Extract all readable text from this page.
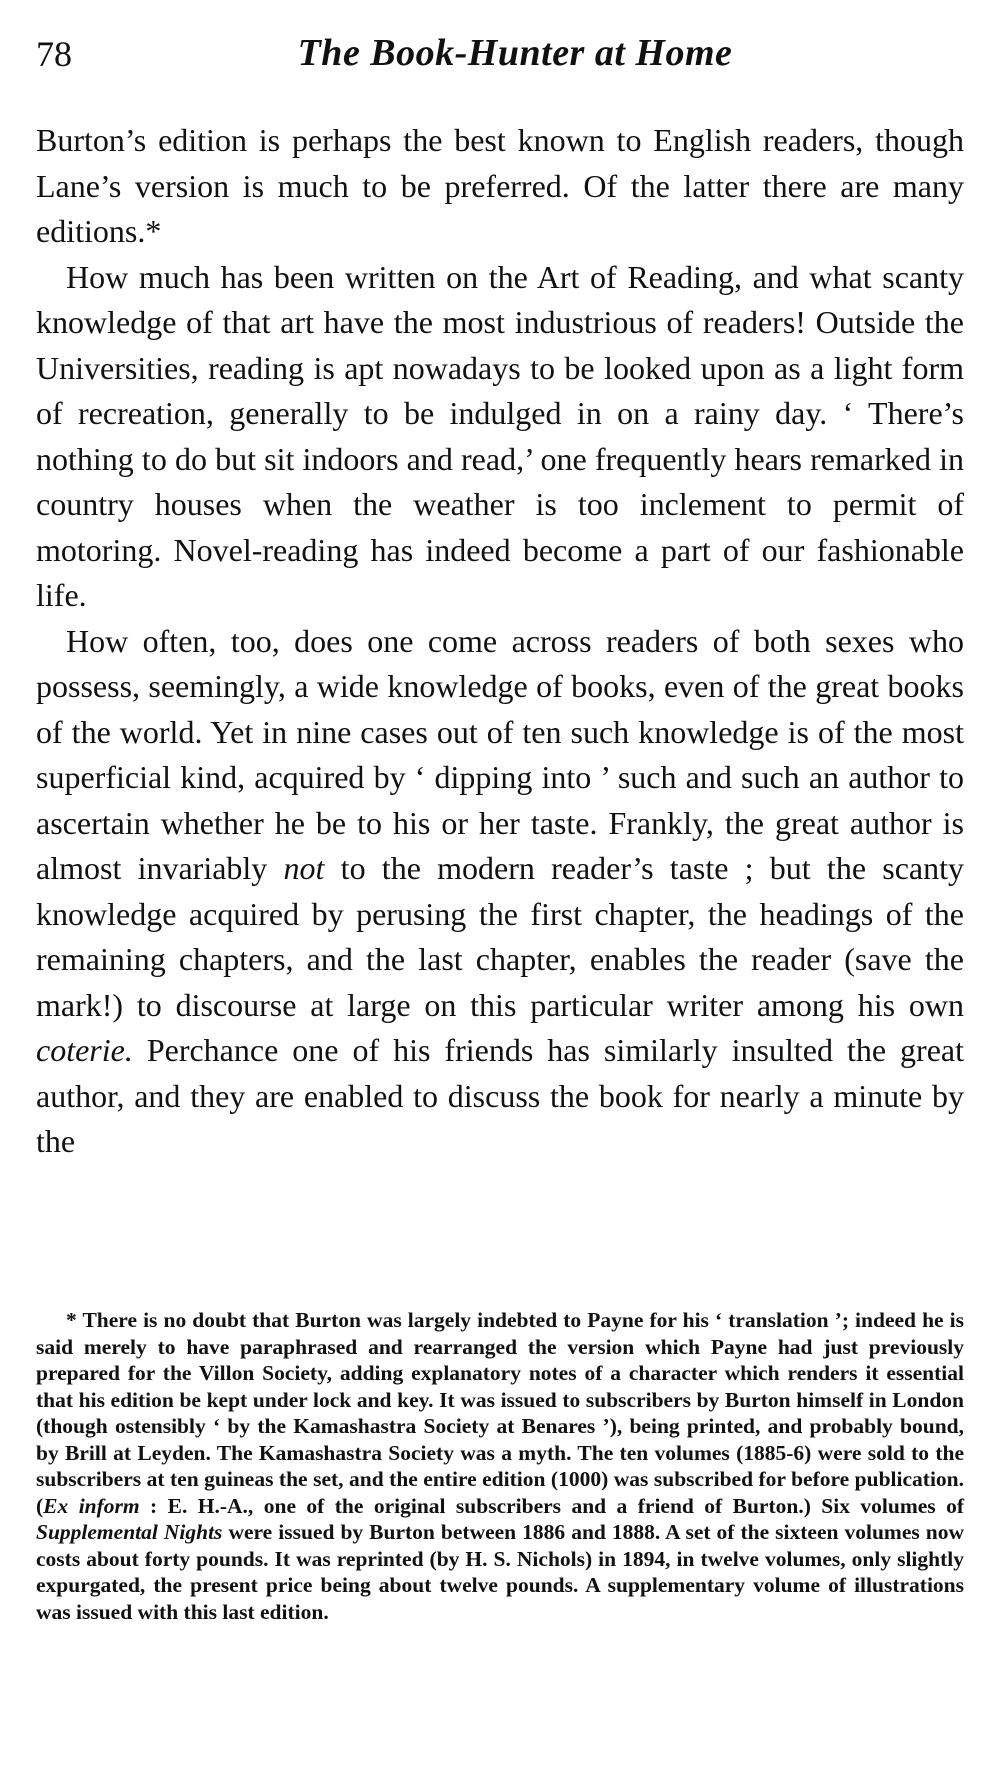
78	The Book-Hunter at Home

Burton’s edition is perhaps the best known to English readers, though Lane’s version is much to be preferred. Of the latter there are many editions.*

How much has been written on the Art of Reading, and what scanty knowledge of that art have the most industrious of readers! Outside the Universities, reading is apt nowadays to be looked upon as a light form of recreation, generally to be indulged in on a rainy day. ‘ There’s nothing to do but sit indoors and read,’ one frequently hears remarked in country houses when the weather is too inclement to permit of motoring. Novel-reading has indeed become a part of our fashionable life.

How often, too, does one come across readers of both sexes who possess, seemingly, a wide knowledge of books, even of the great books of the world. Yet in nine cases out of ten such knowledge is of the most superficial kind, acquired by ‘ dipping into ’ such and such an author to ascertain whether he be to his or her taste. Frankly, the great author is almost invariably not to the modern reader’s taste ; but the scanty knowledge acquired by perusing the first chapter, the headings of the remaining chapters, and the last chapter, enables the reader (save the mark!) to discourse at large on this particular writer among his own coterie. Perchance one of his friends has similarly insulted the great author, and they are enabled to discuss the book for nearly a minute by the

* There is no doubt that Burton was largely indebted to Payne for his ‘ translation ’; indeed he is said merely to have paraphrased and rearranged the version which Payne had just previously prepared for the Villon Society, adding explanatory notes of a character which renders it essential that his edition be kept under lock and key. It was issued to subscribers by Burton himself in London (though ostensibly ‘ by the Kamashastra Society at Benares ’), being printed, and probably bound, by Brill at Leyden. The Kamashastra Society was a myth. The ten volumes (1885-6) were sold to the subscribers at ten guineas the set, and the entire edition (1000) was subscribed for before publication. (Ex inform : E. H.-A., one of the original subscribers and a friend of Burton.) Six volumes of Supplemental Nights were issued by Burton between 1886 and 1888. A set of the sixteen volumes now costs about forty pounds. It was reprinted (by H. S. Nichols) in 1894, in twelve volumes, only slightly expurgated, the present price being about twelve pounds. A supplementary volume of illustrations was issued with this last edition.
